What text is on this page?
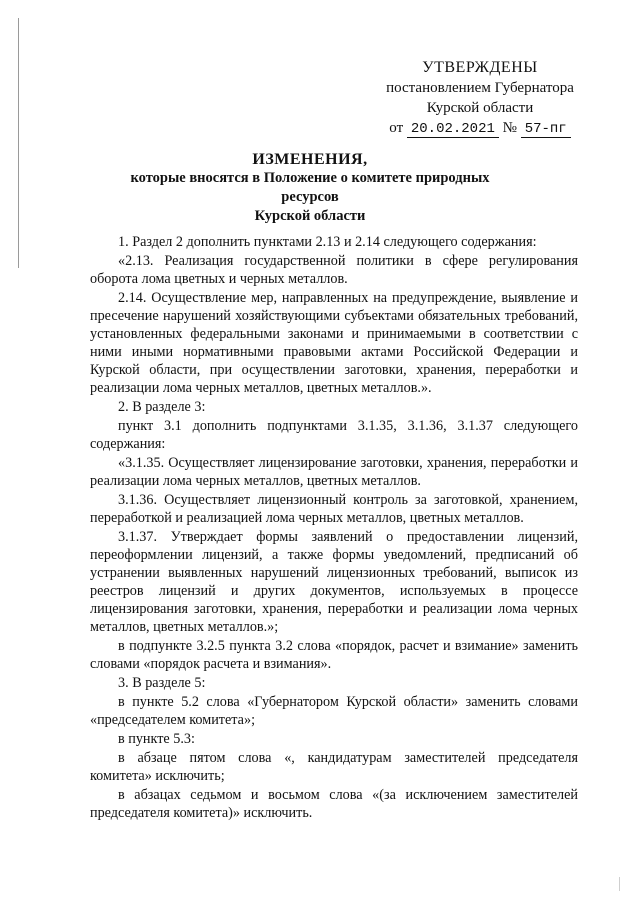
УТВЕРЖДЕНЫ
постановлением Губернатора
Курской области
от 20.02.2021 № 57-пг
ИЗМЕНЕНИЯ,
которые вносятся в Положение о комитете природных ресурсов
Курской области

1. Раздел 2 дополнить пунктами 2.13 и 2.14 следующего содержания:

«2.13. Реализация государственной политики в сфере регулирования оборота лома цветных и черных металлов.

2.14. Осуществление мер, направленных на предупреждение, выявление и пресечение нарушений хозяйствующими субъектами обязательных требований, установленных федеральными законами и принимаемыми в соответствии с ними иными нормативными правовыми актами Российской Федерации и Курской области, при осуществлении заготовки, хранения, переработки и реализации лома черных металлов, цветных металлов.».

2. В разделе 3:

пункт 3.1 дополнить подпунктами 3.1.35, 3.1.36, 3.1.37 следующего содержания:

«3.1.35. Осуществляет лицензирование заготовки, хранения, переработки и реализации лома черных металлов, цветных металлов.

3.1.36. Осуществляет лицензионный контроль за заготовкой, хранением, переработкой и реализацией лома черных металлов, цветных металлов.

3.1.37. Утверждает формы заявлений о предоставлении лицензий, переоформлении лицензий, а также формы уведомлений, предписаний об устранении выявленных нарушений лицензионных требований, выписок из реестров лицензий и других документов, используемых в процессе лицензирования заготовки, хранения, переработки и реализации лома черных металлов, цветных металлов.»;

в подпункте 3.2.5 пункта 3.2 слова «порядок, расчет и взимание» заменить словами «порядок расчета и взимания».

3. В разделе 5:

в пункте 5.2 слова «Губернатором Курской области» заменить словами «председателем комитета»;

в пункте 5.3:

в абзаце пятом слова «, кандидатурам заместителей председателя комитета» исключить;

в абзацах седьмом и восьмом слова «(за исключением заместителей председателя комитета)» исключить.
